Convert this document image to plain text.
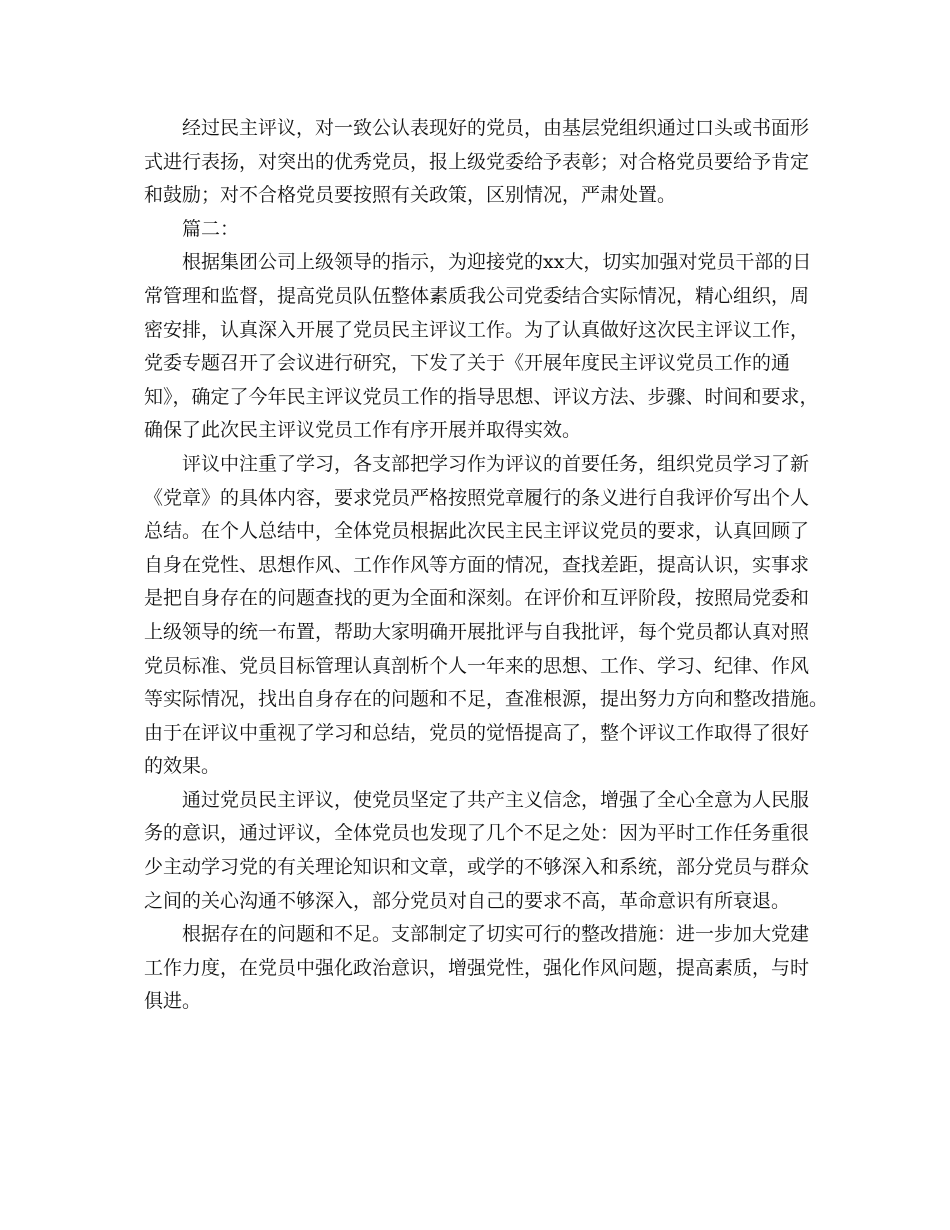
经过民主评议，对一致公认表现好的党员，由基层党组织通过口头或书面形
式进行表扬，对突出的优秀党员，报上级党委给予表彰；对合格党员要给予肯定
和鼓励；对不合格党员要按照有关政策，区别情况，严肃处置。
篇二：
根据集团公司上级领导的指示，为迎接党的xx大，切实加强对党员干部的日
常管理和监督，提高党员队伍整体素质我公司党委结合实际情况，精心组织，周
密安排，认真深入开展了党员民主评议工作。为了认真做好这次民主评议工作，
党委专题召开了会议进行研究，下发了关于《开展年度民主评议党员工作的通
知》，确定了今年民主评议党员工作的指导思想、评议方法、步骤、时间和要求，
确保了此次民主评议党员工作有序开展并取得实效。
评议中注重了学习，各支部把学习作为评议的首要任务，组织党员学习了新
《党章》的具体内容，要求党员严格按照党章履行的条义进行自我评价写出个人
总结。在个人总结中，全体党员根据此次民主民主评议党员的要求，认真回顾了
自身在党性、思想作风、工作作风等方面的情况，查找差距，提高认识，实事求
是把自身存在的问题查找的更为全面和深刻。在评价和互评阶段，按照局党委和
上级领导的统一布置，帮助大家明确开展批评与自我批评，每个党员都认真对照
党员标准、党员目标管理认真剖析个人一年来的思想、工作、学习、纪律、作风
等实际情况，找出自身存在的问题和不足，查准根源，提出努力方向和整改措施。
由于在评议中重视了学习和总结，党员的觉悟提高了，整个评议工作取得了很好
的效果。
通过党员民主评议，使党员坚定了共产主义信念，增强了全心全意为人民服
务的意识，通过评议，全体党员也发现了几个不足之处：因为平时工作任务重很
少主动学习党的有关理论知识和文章，或学的不够深入和系统，部分党员与群众
之间的关心沟通不够深入，部分党员对自己的要求不高，革命意识有所衰退。
根据存在的问题和不足。支部制定了切实可行的整改措施：进一步加大党建
工作力度，在党员中强化政治意识，增强党性，强化作风问题，提高素质，与时
俱进。
